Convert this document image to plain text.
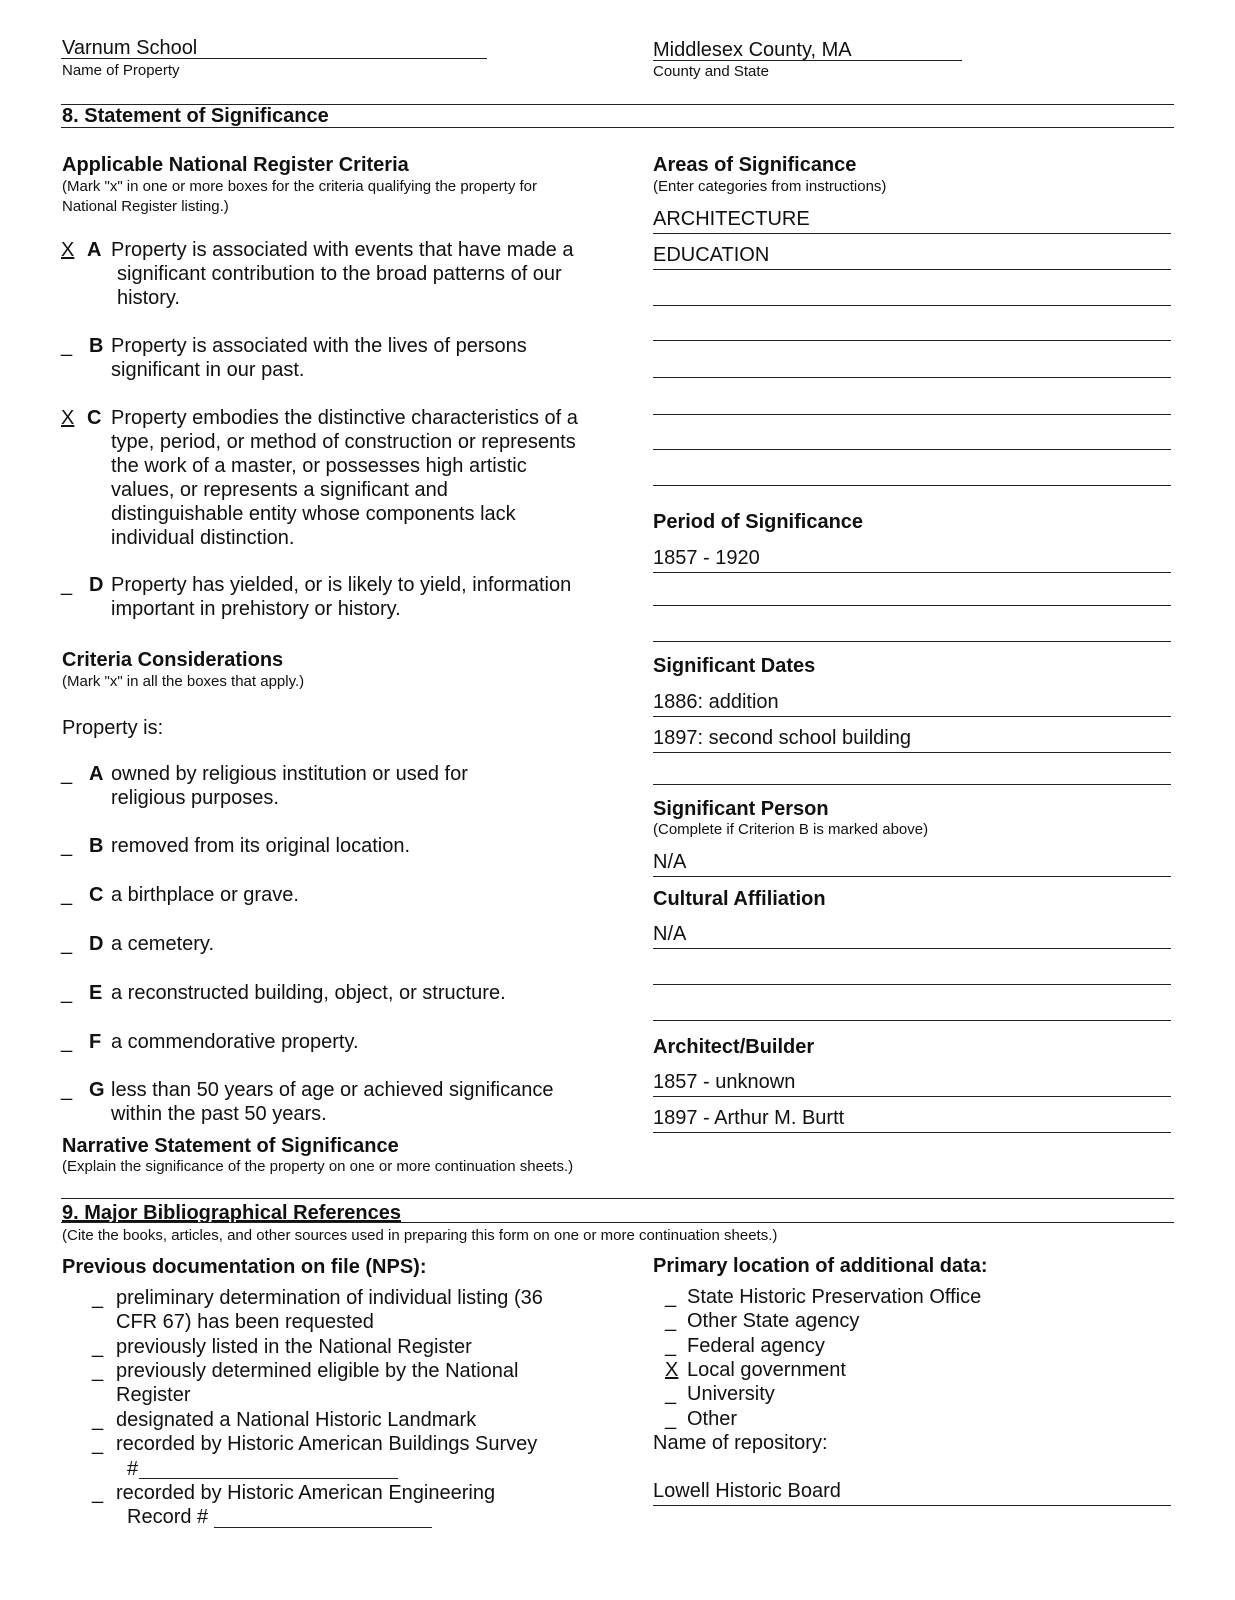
Varnum School
Name of Property
Middlesex County, MA
County and State
8. Statement of Significance
Applicable National Register Criteria
(Mark "x" in one or more boxes for the criteria qualifying the property for National Register listing.)
X A Property is associated with events that have made a significant contribution to the broad patterns of our history.
_ B Property is associated with the lives of persons significant in our past.
X C Property embodies the distinctive characteristics of a type, period, or method of construction or represents the work of a master, or possesses high artistic values, or represents a significant and distinguishable entity whose components lack individual distinction.
_ D Property has yielded, or is likely to yield, information important in prehistory or history.
Criteria Considerations
(Mark "x" in all the boxes that apply.)
Property is:
_ A owned by religious institution or used for religious purposes.
_ B removed from its original location.
_ C a birthplace or grave.
_ D a cemetery.
_ E a reconstructed building, object, or structure.
_ F a commendorative property.
_ G less than 50 years of age or achieved significance within the past 50 years.
Narrative Statement of Significance
(Explain the significance of the property on one or more continuation sheets.)
Areas of Significance
(Enter categories from instructions)
ARCHITECTURE
EDUCATION
Period of Significance
1857 - 1920
Significant Dates
1886: addition
1897: second school building
Significant Person
(Complete if Criterion B is marked above)
N/A
Cultural Affiliation
N/A
Architect/Builder
1857 - unknown
1897 - Arthur M. Burtt
9. Major Bibliographical References
(Cite the books, articles, and other sources used in preparing this form on one or more continuation sheets.)
Previous documentation on file (NPS):
_ preliminary determination of individual listing (36 CFR 67) has been requested
_ previously listed in the National Register
_ previously determined eligible by the National Register
_ designated a National Historic Landmark
_ recorded by Historic American Buildings Survey
#
_ recorded by Historic American Engineering
Record #
Primary location of additional data:
_ State Historic Preservation Office
_ Other State agency
_ Federal agency
X Local government
_ University
_ Other
Name of repository:
Lowell Historic Board
